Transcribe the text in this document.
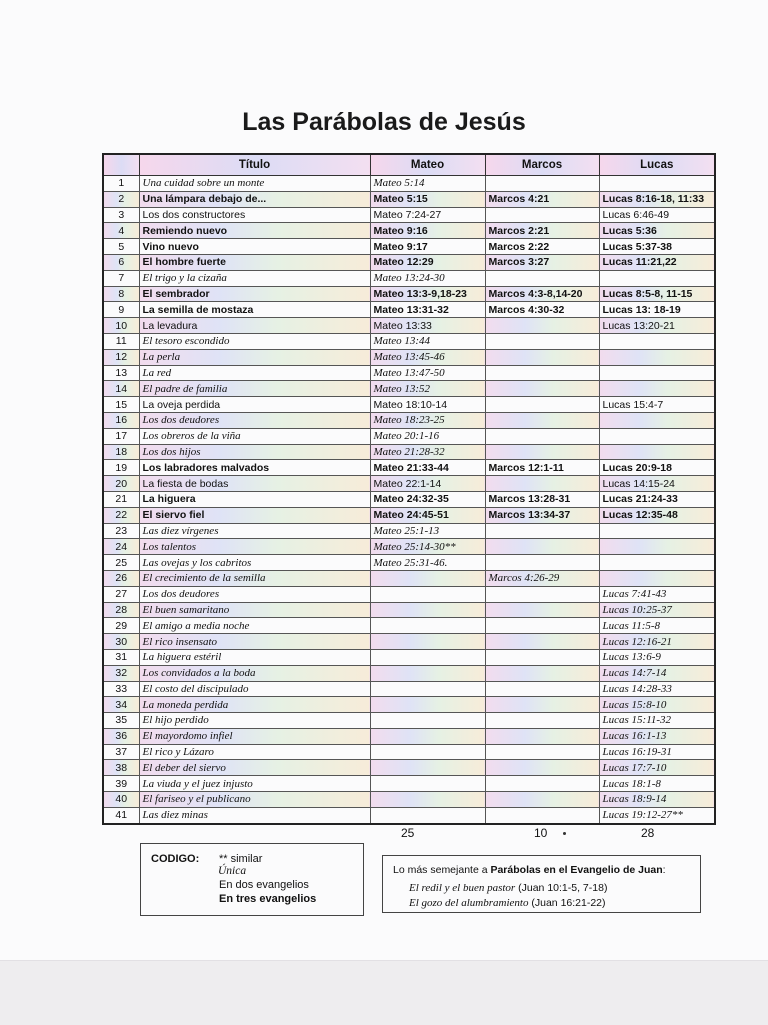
Las Parábolas de Jesús
	Título	Mateo	Marcos	Lucas
1	Una cuidad sobre un monte	Mateo 5:14		
2	Una lámpara debajo de...	Mateo 5:15	Marcos 4:21	Lucas 8:16-18, 11:33
3	Los dos constructores	Mateo 7:24-27		Lucas 6:46-49
4	Remiendo nuevo	Mateo 9:16	Marcos 2:21	Lucas 5:36
5	Vino nuevo	Mateo 9:17	Marcos 2:22	Lucas 5:37-38
6	El hombre fuerte	Mateo 12:29	Marcos 3:27	Lucas 11:21,22
7	El trigo y la cizaña	Mateo 13:24-30		
8	El sembrador	Mateo 13:3-9,18-23	Marcos 4:3-8,14-20	Lucas 8:5-8, 11-15
9	La semilla de mostaza	Mateo 13:31-32	Marcos 4:30-32	Lucas 13: 18-19
10	La levadura	Mateo 13:33		Lucas 13:20-21
11	El tesoro escondido	Mateo 13:44		
12	La perla	Mateo 13:45-46		
13	La red	Mateo 13:47-50		
14	El padre de familia	Mateo 13:52		
15	La oveja perdida	Mateo 18:10-14		Lucas 15:4-7
16	Los dos deudores	Mateo 18:23-25		
17	Los obreros de la viña	Mateo 20:1-16		
18	Los dos hijos	Mateo 21:28-32		
19	Los labradores malvados	Mateo 21:33-44	Marcos 12:1-11	Lucas 20:9-18
20	La fiesta de bodas	Mateo 22:1-14		Lucas 14:15-24
21	La higuera	Mateo 24:32-35	Marcos 13:28-31	Lucas 21:24-33
22	El siervo fiel	Mateo 24:45-51	Marcos 13:34-37	Lucas 12:35-48
23	Las diez vírgenes	Mateo 25:1-13		
24	Los talentos	Mateo 25:14-30**		
25	Las ovejas y los cabritos	Mateo 25:31-46.		
26	El crecimiento de la semilla		Marcos 4:26-29	
27	Los dos deudores			Lucas 7:41-43
28	El buen samaritano			Lucas 10:25-37
29	El amigo a media noche			Lucas 11:5-8
30	El rico insensato			Lucas 12:16-21
31	La higuera estéril			Lucas 13:6-9
32	Los convidados a la boda			Lucas 14:7-14
33	El costo del discipulado			Lucas 14:28-33
34	La moneda perdida			Lucas 15:8-10
35	El hijo perdido			Lucas 15:11-32
36	El mayordomo infiel			Lucas 16:1-13
37	El rico y Lázaro			Lucas 16:19-31
38	El deber del siervo			Lucas 17:7-10
39	La viuda y el juez injusto			Lucas 18:1-8
40	El fariseo y el publicano			Lucas 18:9-14
41	Las diez minas			Lucas 19:12-27**
25	10	28
CODIGO: ** similar
Única
En dos evangelios
En tres evangelios
Lo más semejante a Parábolas en el Evangelio de Juan:
El redil y el buen pastor (Juan 10:1-5, 7-18)
El gozo del alumbramiento (Juan 16:21-22)
